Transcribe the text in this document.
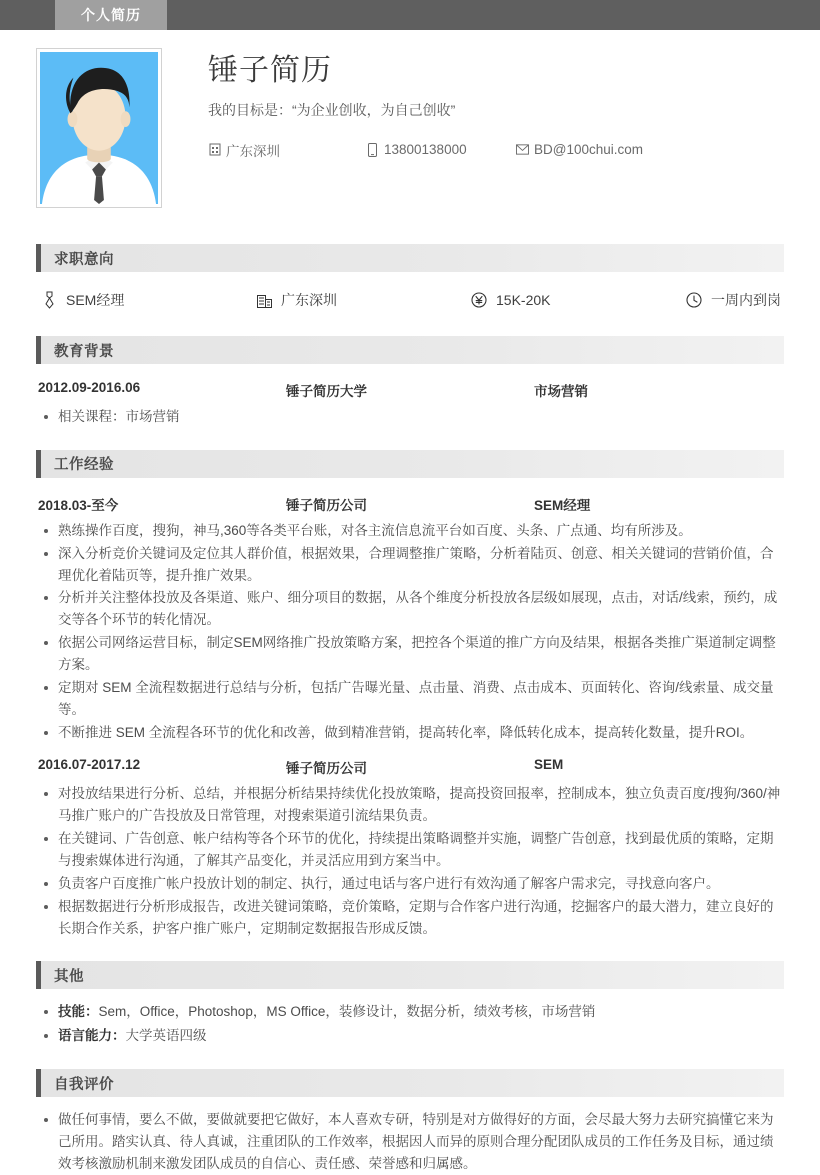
个人简历
锤子简历
我的目标是：“为企业创收，为自己创收”
广东深圳	13800138000	BD@100chui.com
求职意向
SEM经理	广东深圳	15K-20K	一周内到岗
教育背景
2012.09-2016.06	锤子简历大学	市场营销
相关课程：市场营销
工作经验
2018.03-至今	锤子简历公司	SEM经理
熟练操作百度，搜狗，神马,360等各类平台账，对各主流信息流平台如百度、头条、广点通、均有所涉及。
深入分析竞价关键词及定位其人群价值，根据效果，合理调整推广策略，分析着陆页、创意、相关关键词的营销价值，合理优化着陆页等，提升推广效果。
分析并关注整体投放及各渠道、账户、细分项目的数据，从各个维度分析投放各层级如展现，点击，对话/线索，预约，成交等各个环节的转化情况。
依据公司网络运营目标，制定SEM网络推广投放策略方案，把控各个渠道的推广方向及结果，根据各类推广渠道制定调整方案。
定期对 SEM 全流程数据进行总结与分析，包括广告曝光量、点击量、消费、点击成本、页面转化、咨询/线索量、成交量等。
不断推进 SEM 全流程各环节的优化和改善，做到精准营销，提高转化率，降低转化成本，提高转化数量，提升ROI。
2016.07-2017.12	锤子简历公司	SEM
对投放结果进行分析、总结，并根据分析结果持续优化投放策略，提高投资回报率，控制成本，独立负责百度/搜狗/360/神马推广账户的广告投放及日常管理，对搜索渠道引流结果负责。
在关键词、广告创意、帐户结构等各个环节的优化，持续提出策略调整并实施，调整广告创意，找到最优质的策略，定期与搜索媒体进行沟通，了解其产品变化，并灵活应用到方案当中。
负责客户百度推广帐户投放计划的制定、执行，通过电话与客户进行有效沟通了解客户需求完，寻找意向客户。
根据数据进行分析形成报告，改进关键词策略，竞价策略，定期与合作客户进行沟通，挖掘客户的最大潜力，建立良好的长期合作关系，护客户推广账户，定期制定数据报告形成反馈。
其他
技能：Sem，Office，Photoshop，MS Office，装修设计，数据分析，绩效考核，市场营销
语言能力：大学英语四级
自我评价
做任何事情，要么不做，要做就要把它做好，本人喜欢专研，特别是对方做得好的方面，会尽最大努力去研究搞懂它来为己所用。踏实认真、待人真诚，注重团队的工作效率，根据因人而异的原则合理分配团队成员的工作任务及目标，通过绩效考核激励机制来激发团队成员的自信心、责任感、荣誉感和归属感。
